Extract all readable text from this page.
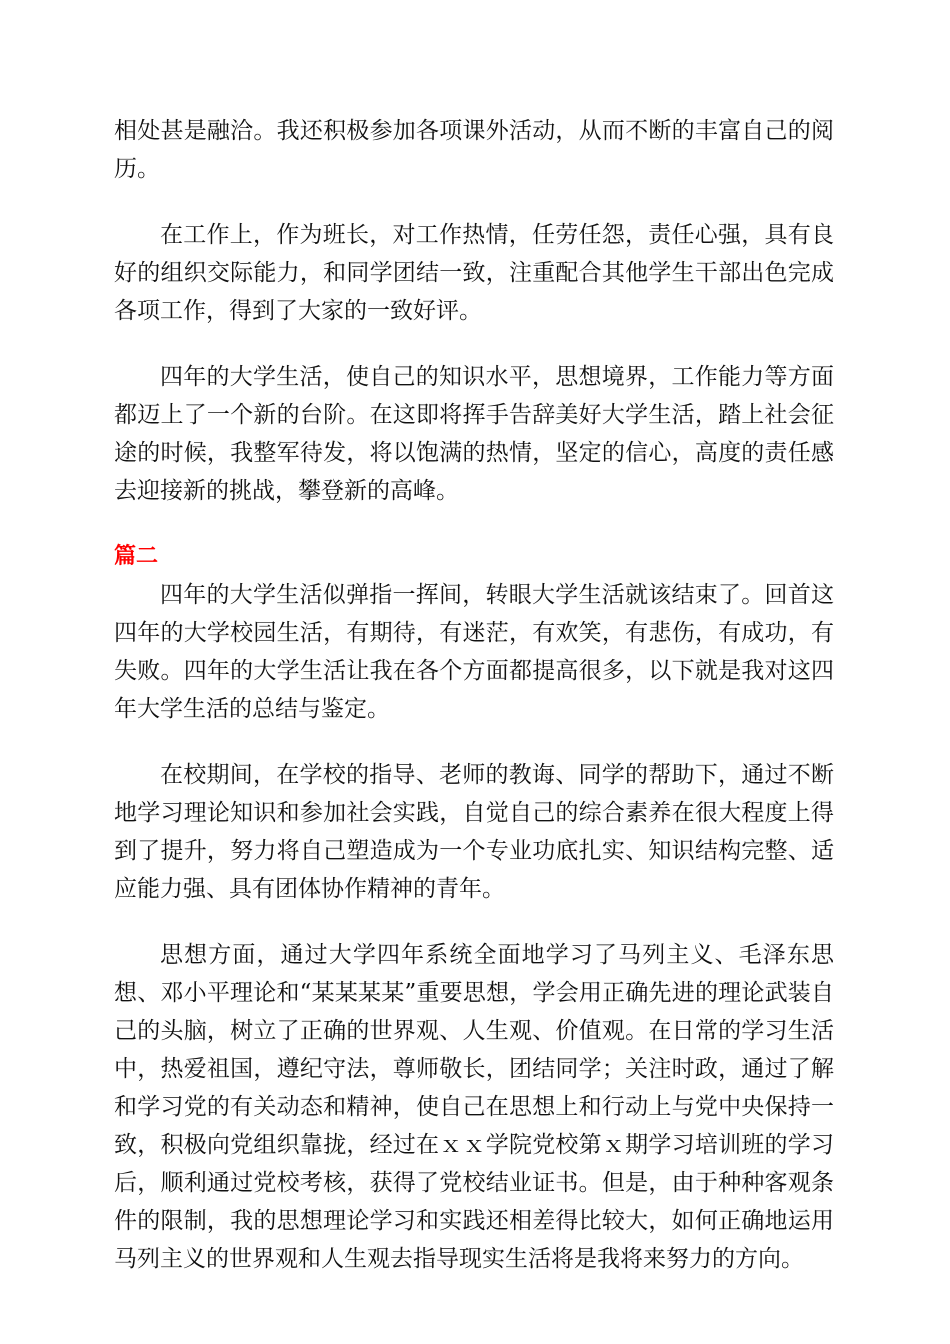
相处甚是融洽。我还积极参加各项课外活动，从而不断的丰富自己的阅历。

在工作上，作为班长，对工作热情，任劳任怨，责任心强，具有良好的组织交际能力，和同学团结一致，注重配合其他学生干部出色完成各项工作，得到了大家的一致好评。

四年的大学生活，使自己的知识水平，思想境界，工作能力等方面都迈上了一个新的台阶。在这即将挥手告辞美好大学生活，踏上社会征途的时候，我整军待发，将以饱满的热情，坚定的信心，高度的责任感去迎接新的挑战，攀登新的高峰。

篇二

四年的大学生活似弹指一挥间，转眼大学生活就该结束了。回首这四年的大学校园生活，有期待，有迷茫，有欢笑，有悲伤，有成功，有失败。四年的大学生活让我在各个方面都提高很多，以下就是我对这四年大学生活的总结与鉴定。

在校期间，在学校的指导、老师的教诲、同学的帮助下，通过不断地学习理论知识和参加社会实践，自觉自己的综合素养在很大程度上得到了提升，努力将自己塑造成为一个专业功底扎实、知识结构完整、适应能力强、具有团体协作精神的青年。

思想方面，通过大学四年系统全面地学习了马列主义、毛泽东思想、邓小平理论和“某某某某”重要思想，学会用正确先进的理论武装自己的头脑，树立了正确的世界观、人生观、价值观。在日常的学习生活中，热爱祖国，遵纪守法，尊师敬长，团结同学；关注时政，通过了解和学习党的有关动态和精神，使自己在思想上和行动上与党中央保持一致，积极向党组织靠拢，经过在ｘｘ学院党校第ｘ期学习培训班的学习后，顺利通过党校考核，获得了党校结业证书。但是，由于种种客观条件的限制，我的思想理论学习和实践还相差得比较大，如何正确地运用马列主义的世界观和人生观去指导现实生活将是我将来努力的方向。
